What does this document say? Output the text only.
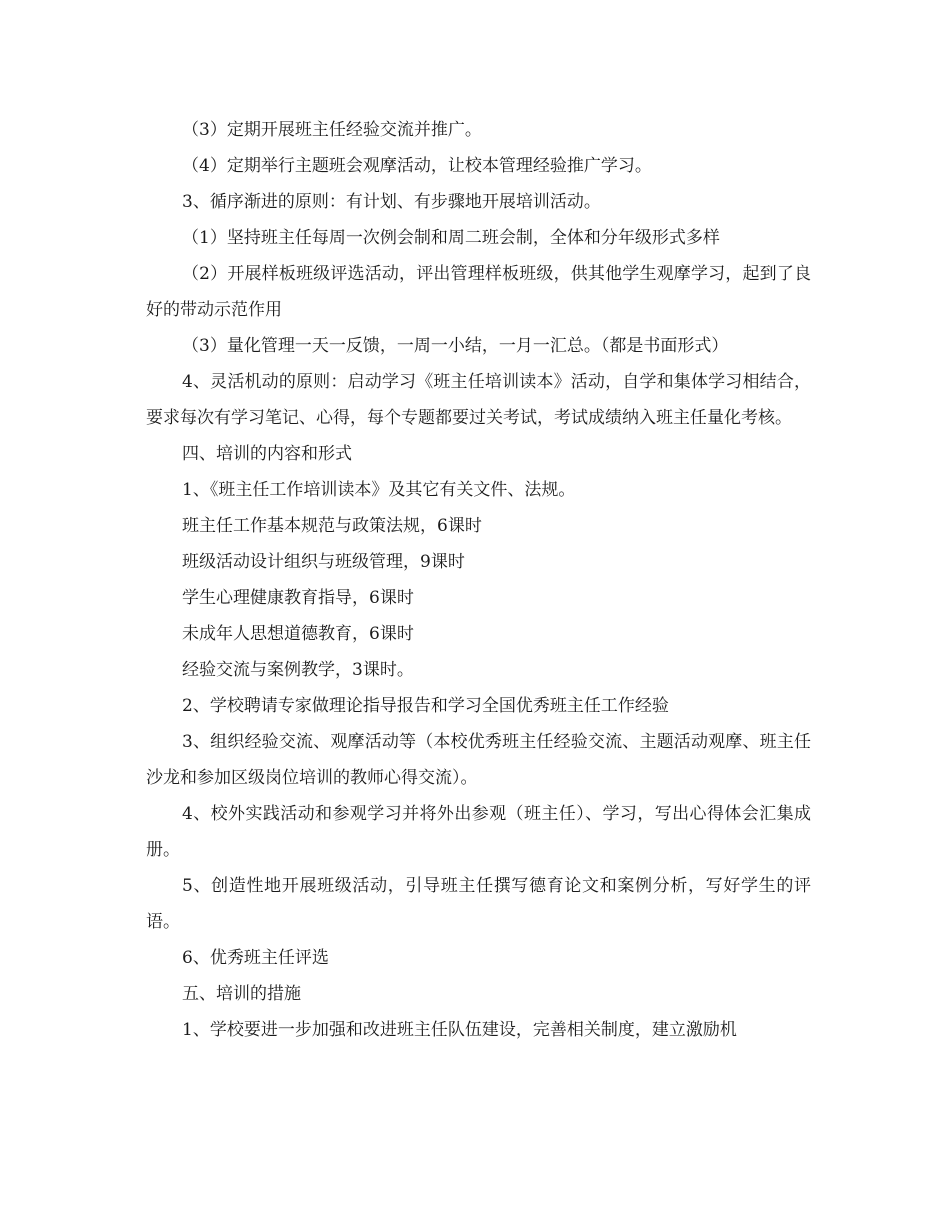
（3）定期开展班主任经验交流并推广。

（4）定期举行主题班会观摩活动，让校本管理经验推广学习。

3、循序渐进的原则：有计划、有步骤地开展培训活动。

（1）坚持班主任每周一次例会制和周二班会制，全体和分年级形式多样

（2）开展样板班级评选活动，评出管理样板班级，供其他学生观摩学习，起到了良好的带动示范作用

（3）量化管理一天一反馈，一周一小结，一月一汇总。（都是书面形式）

4、灵活机动的原则：启动学习《班主任培训读本》活动，自学和集体学习相结合，要求每次有学习笔记、心得，每个专题都要过关考试，考试成绩纳入班主任量化考核。

四、培训的内容和形式

1、《班主任工作培训读本》及其它有关文件、法规。

班主任工作基本规范与政策法规，6课时

班级活动设计组织与班级管理，9课时

学生心理健康教育指导，6课时

未成年人思想道德教育，6课时

经验交流与案例教学，3课时。

2、学校聘请专家做理论指导报告和学习全国优秀班主任工作经验

3、组织经验交流、观摩活动等（本校优秀班主任经验交流、主题活动观摩、班主任沙龙和参加区级岗位培训的教师心得交流）。

4、校外实践活动和参观学习并将外出参观（班主任）、学习，写出心得体会汇集成册。

5、创造性地开展班级活动，引导班主任撰写德育论文和案例分析，写好学生的评语。

6、优秀班主任评选

五、培训的措施

1、学校要进一步加强和改进班主任队伍建设，完善相关制度，建立激励机
